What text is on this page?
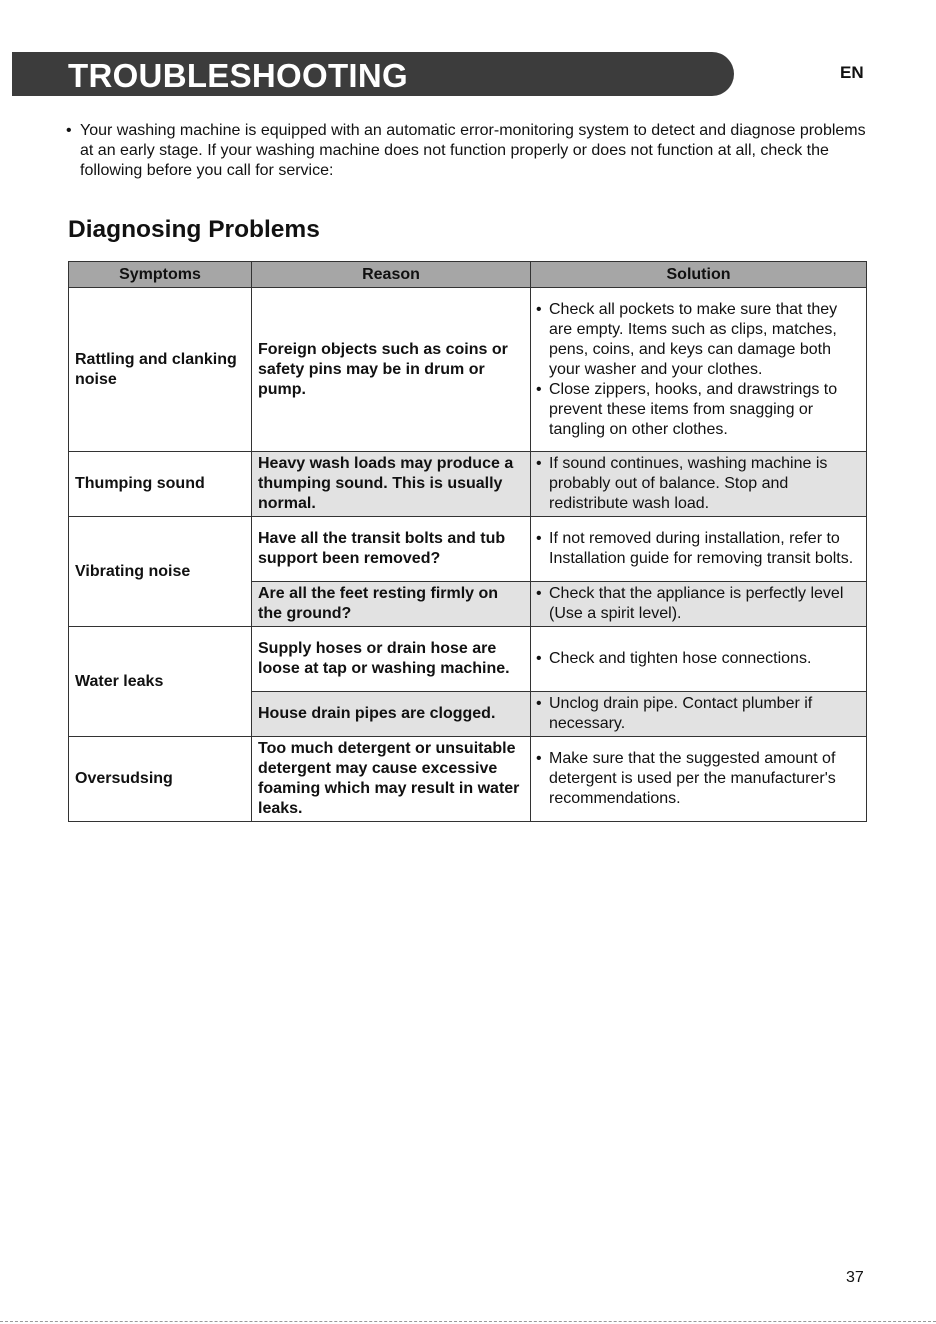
TROUBLESHOOTING	EN
• Your washing machine is equipped with an automatic error-monitoring system to detect and diagnose problems at an early stage. If your washing machine does not function properly or does not function at all, check the following before you call for service:
Diagnosing Problems
Symptoms	Reason	Solution
Rattling and clanking noise	Foreign objects such as coins or safety pins may be in drum or pump.	• Check all pockets to make sure that they are empty. Items such as clips, matches, pens, coins, and keys can damage both your washer and your clothes.
• Close zippers, hooks, and drawstrings to prevent these items from snagging or tangling on other clothes.

Thumping sound	Heavy wash loads may produce a thumping sound. This is usually normal.	• If sound continues, washing machine is probably out of balance. Stop and redistribute wash load.

Vibrating noise	Have all the transit bolts and tub support been removed?	• If not removed during installation, refer to Installation guide for removing transit bolts.

	Are all the feet resting firmly on the ground?	• Check that the appliance is perfectly level (Use a spirit level).

Water leaks	Supply hoses or drain hose are loose at tap or washing machine.	• Check and tighten hose connections.

	House drain pipes are clogged.	• Unclog drain pipe. Contact plumber if necessary.

Oversudsing	Too much detergent or unsuitable detergent may cause excessive foaming which may result in water leaks.	• Make sure that the suggested amount of detergent is used per the manufacturer's recommendations.
37
